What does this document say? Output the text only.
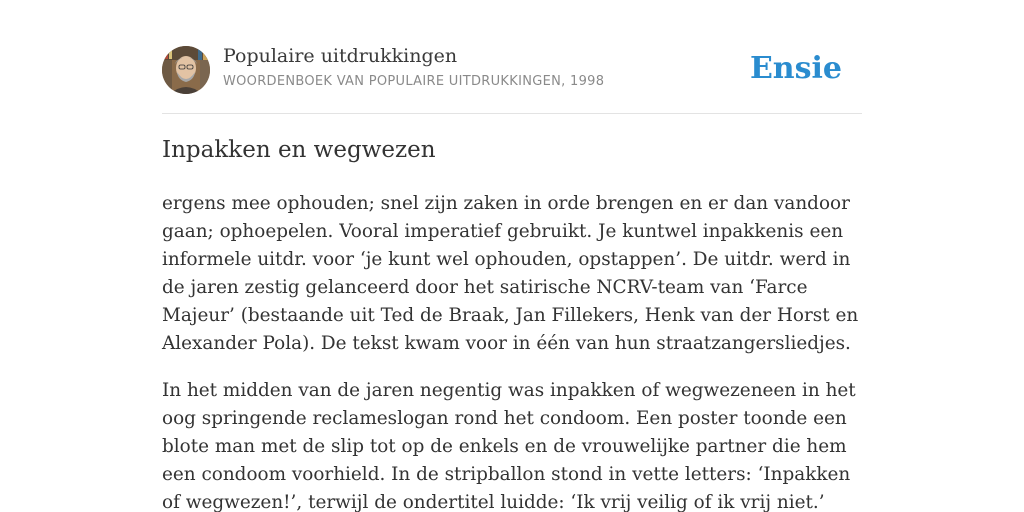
Populaire uitdrukkingen
WOORDENBOEK VAN POPULAIRE UITDRUKKINGEN, 1998	Ensie
Inpakken en wegwezen

ergens mee ophouden; snel zijn zaken in orde brengen en er dan vandoor gaan; ophoepelen. Vooral imperatief gebruikt. Je kuntwel inpakkenis een informele uitdr. voor ‘je kunt wel ophouden, opstappen’. De uitdr. werd in de jaren zestig gelanceerd door het satirische NCRV-team van ‘Farce Majeur’ (bestaande uit Ted de Braak, Jan Fillekers, Henk van der Horst en Alexander Pola). De tekst kwam voor in één van hun straatzangersliedjes.

In het midden van de jaren negentig was inpakken of wegwezeneen in het oog springende reclameslogan rond het condoom. Een poster toonde een blote man met de slip tot op de enkels en de vrouwelijke partner die hem een condoom voorhield. In de stripballon stond in vette letters: ‘Inpakken of wegwezen!’, terwijl de ondertitel luidde: ‘Ik vrij veilig of ik vrij niet.’
